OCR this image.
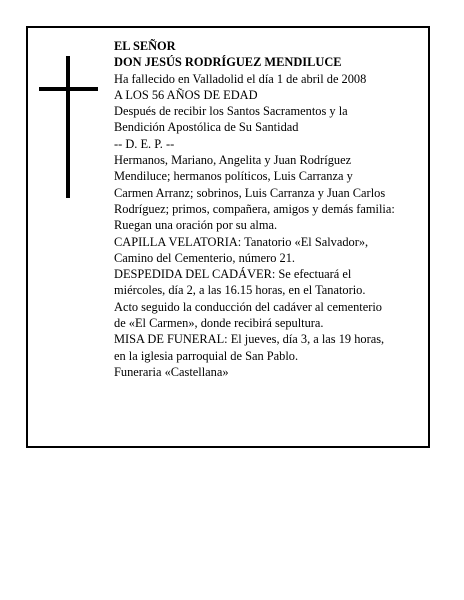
EL SEÑOR

DON JESÚS RODRÍGUEZ MENDILUCE

Ha fallecido en Valladolid el día 1 de abril de 2008

A LOS 56 AÑOS DE EDAD

Después de recibir los Santos Sacramentos y la
Bendición Apostólica de Su Santidad

-- D. E. P. --

Hermanos, Mariano, Angelita y Juan Rodríguez
Mendiluce; hermanos políticos, Luis Carranza y
Carmen Arranz; sobrinos, Luis Carranza y Juan Carlos
Rodríguez; primos, compañera, amigos y demás familia:

Ruegan una oración por su alma.

CAPILLA VELATORIA: Tanatorio «El Salvador»,
Camino del Cementerio, número 21.

DESPEDIDA DEL CADÁVER: Se efectuará el
miércoles, día 2, a las 16.15 horas, en el Tanatorio.
Acto seguido la conducción del cadáver al cementerio
de «El Carmen», donde recibirá sepultura.

MISA DE FUNERAL: El jueves, día 3, a las 19 horas,
en la iglesia parroquial de San Pablo.

Funeraria «Castellana»
